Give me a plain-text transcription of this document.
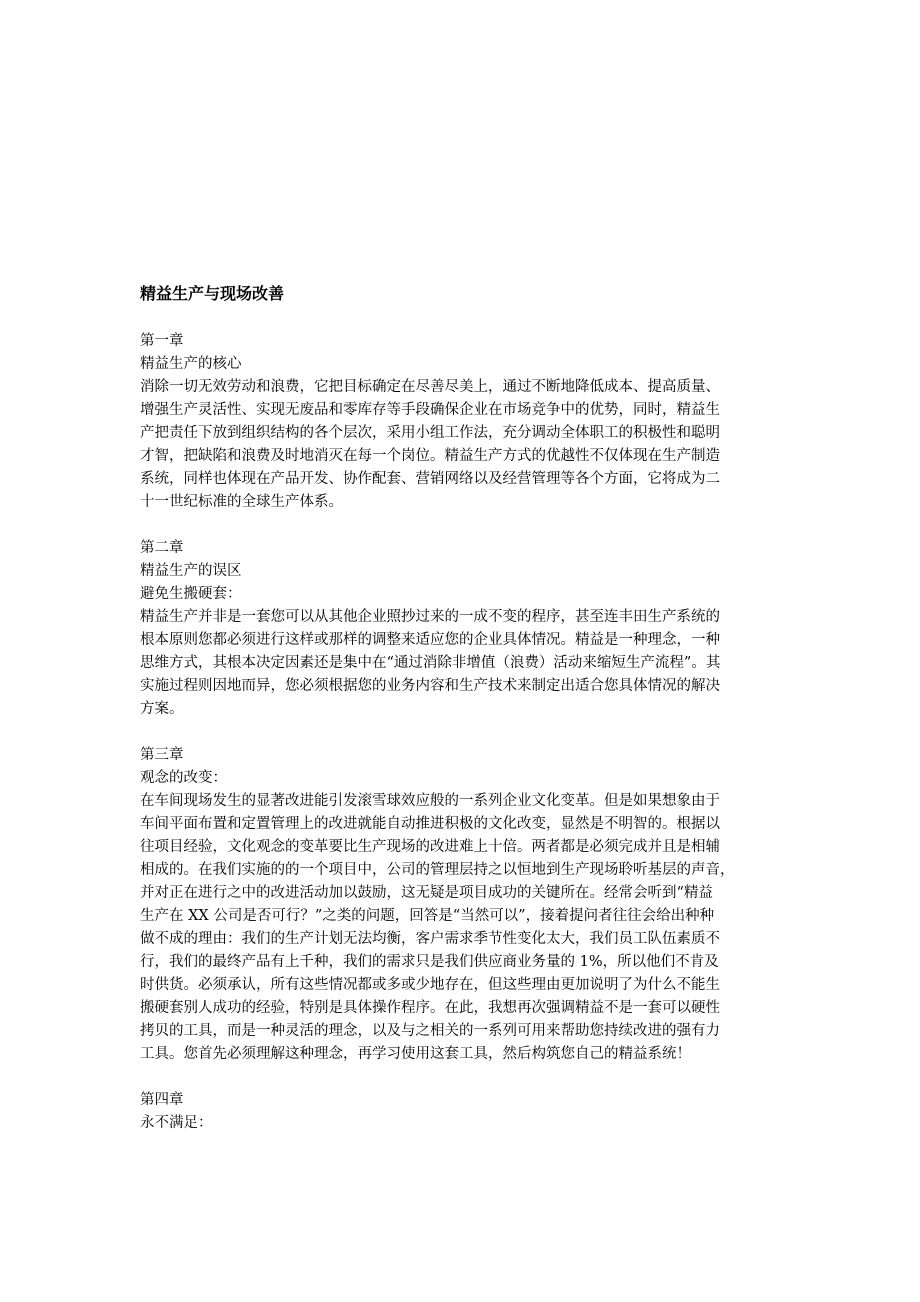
精益生产与现场改善

第一章

精益生产的核心

消除一切无效劳动和浪费，它把目标确定在尽善尽美上，通过不断地降低成本、提高质量、

增强生产灵活性、实现无废品和零库存等手段确保企业在市场竞争中的优势，同时，精益生

产把责任下放到组织结构的各个层次，采用小组工作法，充分调动全体职工的积极性和聪明

才智，把缺陷和浪费及时地消灭在每一个岗位。精益生产方式的优越性不仅体现在生产制造

系统，同样也体现在产品开发、协作配套、营销网络以及经营管理等各个方面，它将成为二

十一世纪标准的全球生产体系。

第二章

精益生产的误区

避免生搬硬套：

精益生产并非是一套您可以从其他企业照抄过来的一成不变的程序，甚至连丰田生产系统的

根本原则您都必须进行这样或那样的调整来适应您的企业具体情况。精益是一种理念，一种

思维方式，其根本决定因素还是集中在“通过消除非增值（浪费）活动来缩短生产流程”。其

实施过程则因地而异，您必须根据您的业务内容和生产技术来制定出适合您具体情况的解决

方案。

第三章

观念的改变：

在车间现场发生的显著改进能引发滚雪球效应般的一系列企业文化变革。但是如果想象由于

车间平面布置和定置管理上的改进就能自动推进积极的文化改变，显然是不明智的。根据以

往项目经验，文化观念的变革要比生产现场的改进难上十倍。两者都是必须完成并且是相辅

相成的。在我们实施的的一个项目中，公司的管理层持之以恒地到生产现场聆听基层的声音，

并对正在进行之中的改进活动加以鼓励，这无疑是项目成功的关键所在。经常会听到“精益

生产在 XX 公司是否可行？”之类的问题，回答是“当然可以”，接着提问者往往会给出种种

做不成的理由：我们的生产计划无法均衡，客户需求季节性变化太大，我们员工队伍素质不

行，我们的最终产品有上千种，我们的需求只是我们供应商业务量的 1%，所以他们不肯及

时供货。必须承认，所有这些情况都或多或少地存在，但这些理由更加说明了为什么不能生

搬硬套别人成功的经验，特别是具体操作程序。在此，我想再次强调精益不是一套可以硬性

拷贝的工具，而是一种灵活的理念，以及与之相关的一系列可用来帮助您持续改进的强有力

工具。您首先必须理解这种理念，再学习使用这套工具，然后构筑您自己的精益系统！

第四章

永不满足：
